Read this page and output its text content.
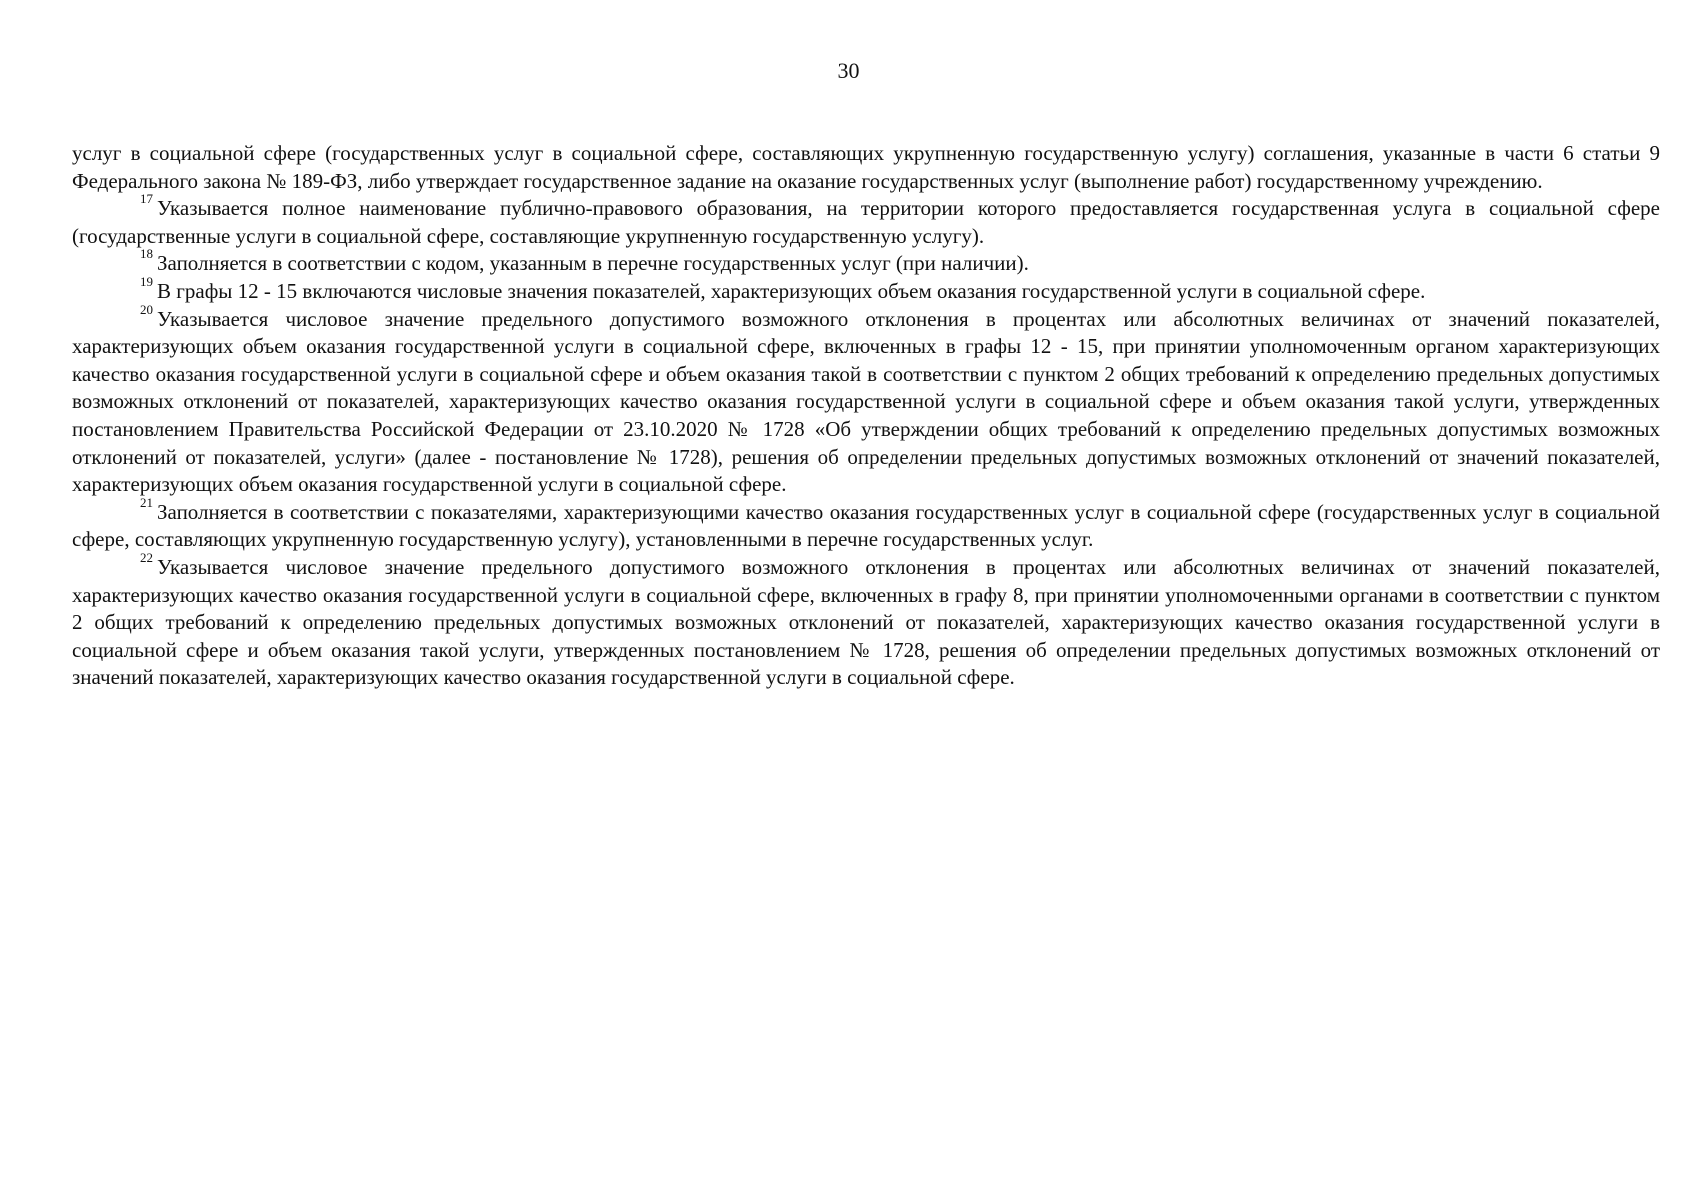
30

услуг в социальной сфере (государственных услуг в социальной сфере, составляющих укрупненную государственную услугу) соглашения, указанные в части 6 статьи 9 Федерального закона № 189-ФЗ, либо утверждает государственное задание на оказание государственных услуг (выполнение работ) государственному учреждению.

$^{17}$ Указывается полное наименование публично-правового образования, на территории которого предоставляется государственная услуга в социальной сфере (государственные услуги в социальной сфере, составляющие укрупненную государственную услугу).

$^{18}$ Заполняется в соответствии с кодом, указанным в перечне государственных услуг (при наличии).

$^{19}$ В графы 12 - 15 включаются числовые значения показателей, характеризующих объем оказания государственной услуги в социальной сфере.

$^{20}$ Указывается числовое значение предельного допустимого возможного отклонения в процентах или абсолютных величинах от значений показателей, характеризующих объем оказания государственной услуги в социальной сфере, включенных в графы 12 - 15, при принятии уполномоченным органом характеризующих качество оказания государственной услуги в социальной сфере и объем оказания такой в соответствии с пунктом 2 общих требований к определению предельных допустимых возможных отклонений от показателей, характеризующих качество оказания государственной услуги в социальной сфере и объем оказания такой услуги, утвержденных постановлением Правительства Российской Федерации от 23.10.2020 № 1728 «Об утверждении общих требований к определению предельных допустимых возможных отклонений от показателей, услуги» (далее - постановление № 1728), решения об определении предельных допустимых возможных отклонений от значений показателей, характеризующих объем оказания государственной услуги в социальной сфере.

$^{21}$ Заполняется в соответствии с показателями, характеризующими качество оказания государственных услуг в социальной сфере (государственных услуг в социальной сфере, составляющих укрупненную государственную услугу), установленными в перечне государственных услуг.

$^{22}$ Указывается числовое значение предельного допустимого возможного отклонения в процентах или абсолютных величинах от значений показателей, характеризующих качество оказания государственной услуги в социальной сфере, включенных в графу 8, при принятии уполномоченными органами в соответствии с пунктом 2 общих требований к определению предельных допустимых возможных отклонений от показателей, характеризующих качество оказания государственной услуги в социальной сфере и объем оказания такой услуги, утвержденных постановлением № 1728, решения об определении предельных допустимых возможных отклонений от значений показателей, характеризующих качество оказания государственной услуги в социальной сфере.
